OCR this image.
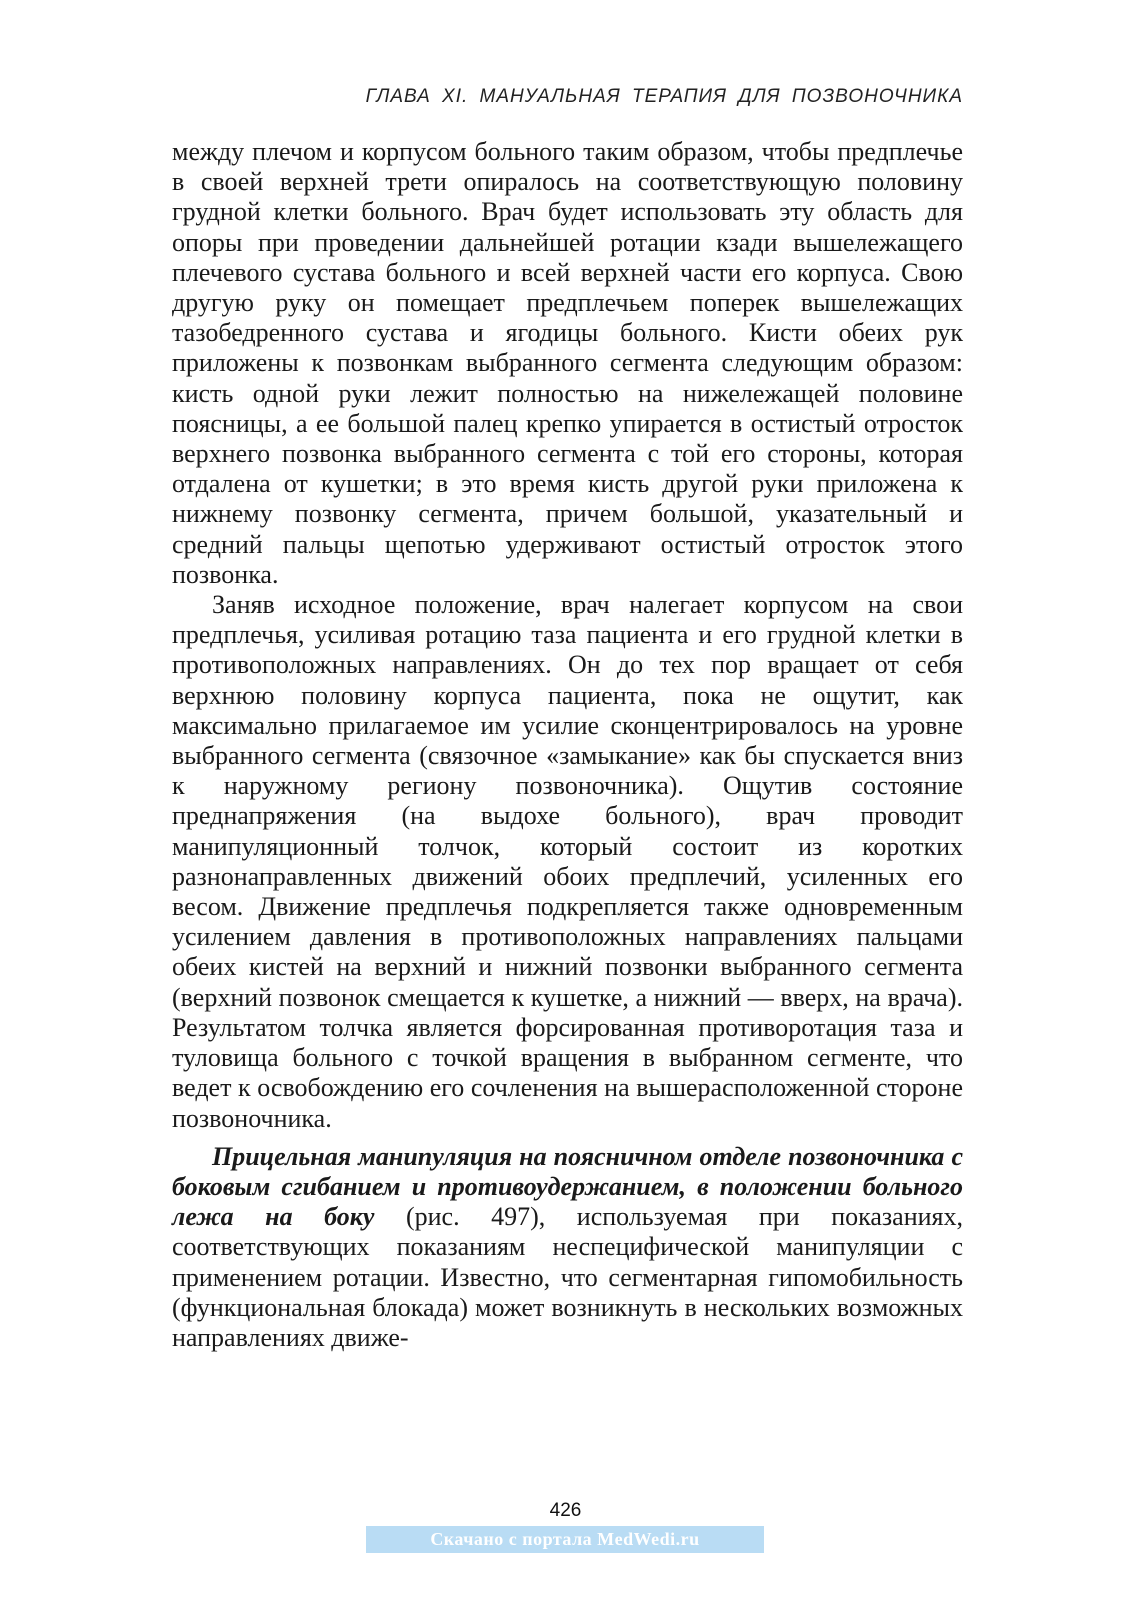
ГЛАВА XI. МАНУАЛЬНАЯ ТЕРАПИЯ ДЛЯ ПОЗВОНОЧНИКА

между плечом и корпусом больного таким образом, чтобы предплечье в своей верхней трети опиралось на соответствующую половину грудной клетки больного. Врач будет использовать эту область для опоры при проведении дальнейшей ротации кзади вышележащего плечевого сустава больного и всей верхней части его корпуса. Свою другую руку он помещает предплечьем поперек вышележащих тазобедренного сустава и ягодицы больного. Кисти обеих рук приложены к позвонкам выбранного сегмента следующим образом: кисть одной руки лежит полностью на нижележащей половине поясницы, а ее большой палец крепко упирается в остистый отросток верхнего позвонка выбранного сегмента с той его стороны, которая отдалена от кушетки; в это время кисть другой руки приложена к нижнему позвонку сегмента, причем большой, указательный и средний пальцы щепотью удерживают остистый отросток этого позвонка.

Заняв исходное положение, врач налегает корпусом на свои предплечья, усиливая ротацию таза пациента и его грудной клетки в противоположных направлениях. Он до тех пор вращает от себя верхнюю половину корпуса пациента, пока не ощутит, как максимально прилагаемое им усилие сконцентрировалось на уровне выбранного сегмента (связочное «замыкание» как бы спускается вниз к наружному региону позвоночника). Ощутив состояние преднапряжения (на выдохе больного), врач проводит манипуляционный толчок, который состоит из коротких разнонаправленных движений обоих предплечий, усиленных его весом. Движение предплечья подкрепляется также одновременным усилением давления в противоположных направлениях пальцами обеих кистей на верхний и нижний позвонки выбранного сегмента (верхний позвонок смещается к кушетке, а нижний — вверх, на врача). Результатом толчка является форсированная противоротация таза и туловища больного с точкой вращения в выбранном сегменте, что ведет к освобождению его сочленения на вышерасположенной стороне позвоночника.

Прицельная манипуляция на поясничном отделе позвоночника с боковым сгибанием и противоудержанием, в положении больного лежа на боку (рис. 497), используемая при показаниях, соответствующих показаниям неспецифической манипуляции с применением ротации. Известно, что сегментарная гипомобильность (функциональная блокада) может возникнуть в нескольких возможных направлениях движе-

426
Скачано с портала MedWedi.ru
